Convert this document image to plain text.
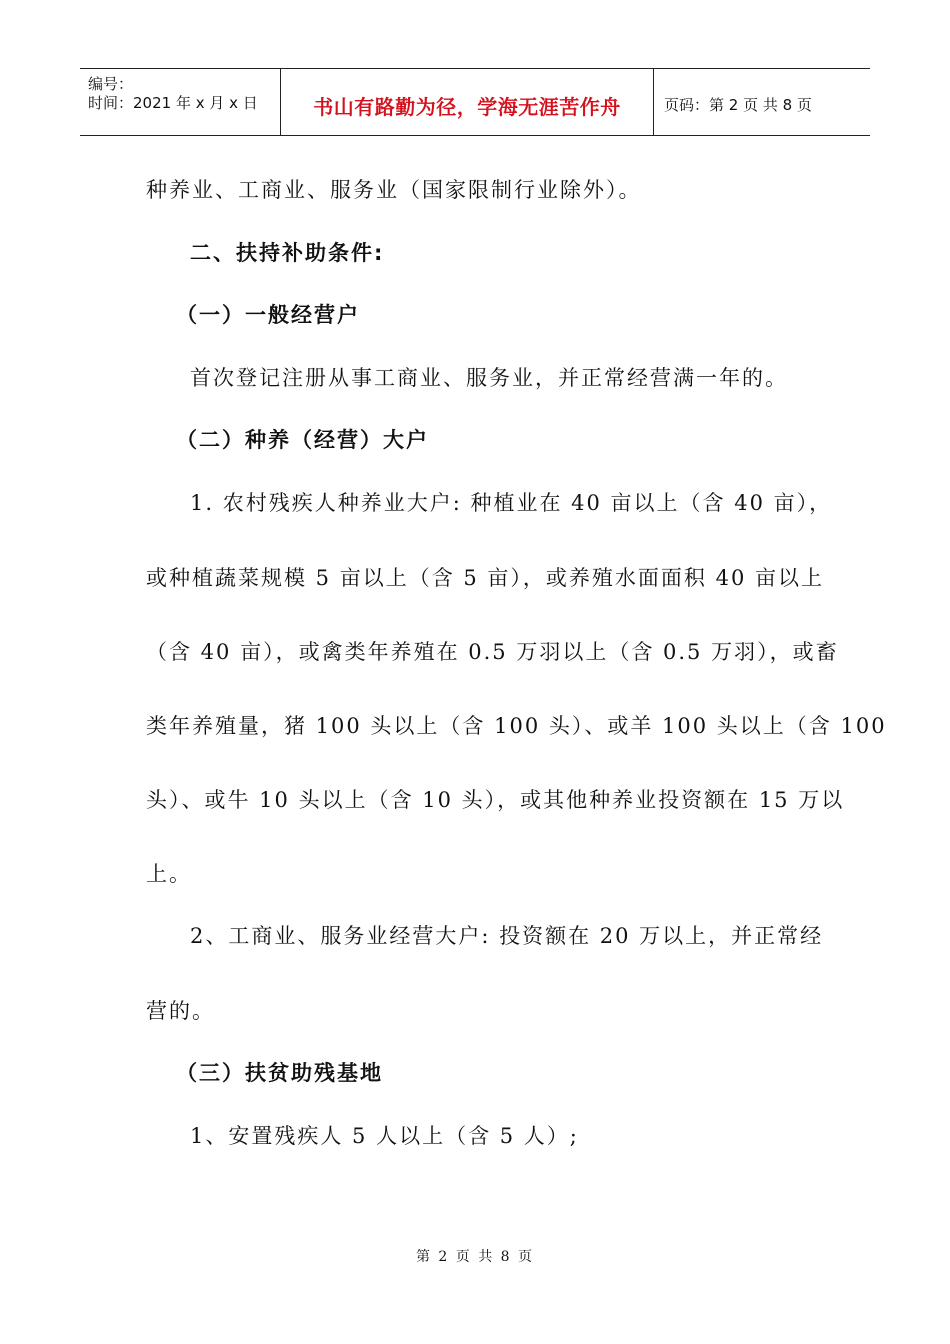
编号：
时间：2021 年 x 月 x 日	书山有路勤为径，学海无涯苦作舟	页码：第 2 页 共 8 页
种养业、工商业、服务业（国家限制行业除外）。
二、扶持补助条件:
（一）一般经营户
首次登记注册从事工商业、服务业，并正常经营满一年的。
（二）种养（经营）大户
1. 农村残疾人种养业大户: 种植业在 40 亩以上（含 40 亩），
或种植蔬菜规模 5 亩以上（含 5 亩），或养殖水面面积 40 亩以上
（含 40 亩），或禽类年养殖在 0.5 万羽以上（含 0.5 万羽），或畜
类年养殖量，猪 100 头以上（含 100 头）、或羊 100 头以上（含 100
头）、或牛 10 头以上（含 10 头），或其他种养业投资额在 15 万以
上。
2、工商业、服务业经营大户: 投资额在 20 万以上，并正常经
营的。
（三）扶贫助残基地
1、安置残疾人 5 人以上（含 5 人）;
第 2 页 共 8 页
